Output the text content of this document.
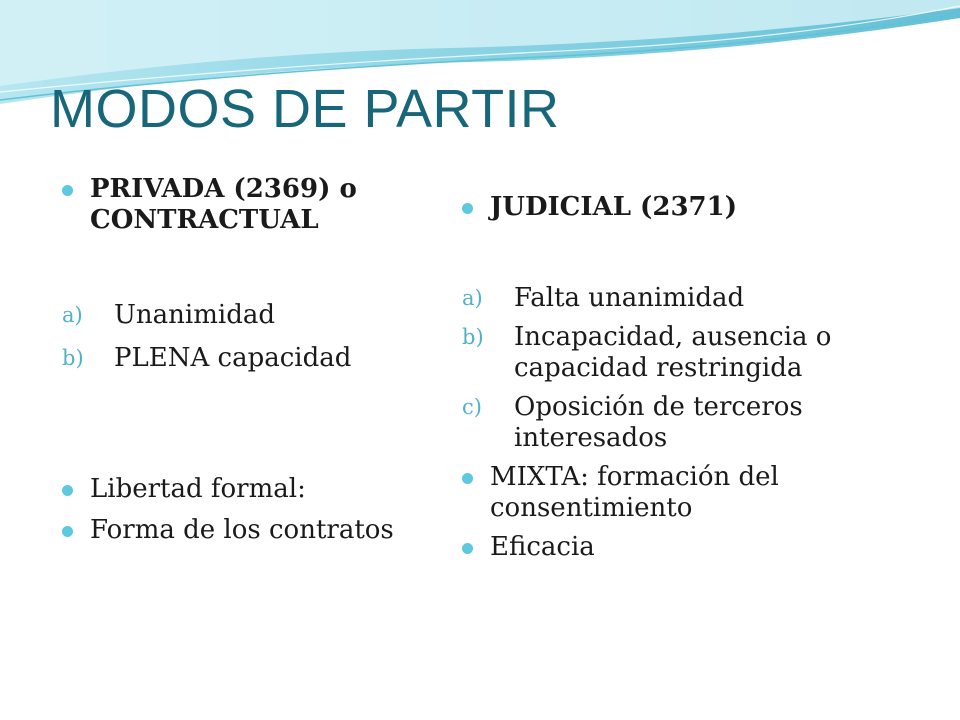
MODOS DE PARTIR
PRIVADA (2369) o CONTRACTUAL
a) Unanimidad
b) PLENA capacidad
Libertad formal:
Forma de los contratos
JUDICIAL (2371)
a) Falta unanimidad
b) Incapacidad, ausencia o capacidad restringida
c) Oposición de terceros interesados
MIXTA: formación del consentimiento
Eficacia
